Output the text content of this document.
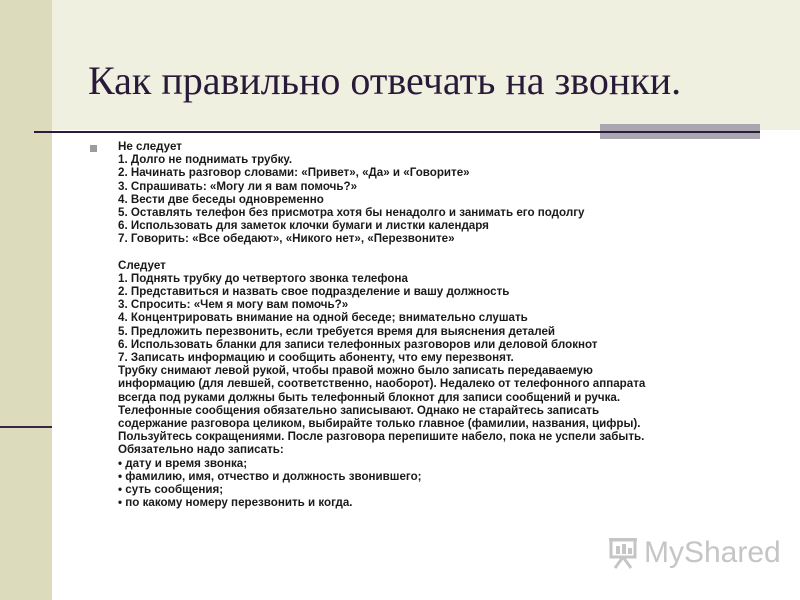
Как правильно отвечать на звонки.
Не следует
1. Долго не поднимать трубку.
2. Начинать разговор словами: «Привет», «Да» и «Говорите»
3. Спрашивать: «Могу ли я вам помочь?»
4. Вести две беседы одновременно
5. Оставлять телефон без присмотра хотя бы ненадолго и занимать его подолгу
6. Использовать для заметок клочки бумаги и листки календаря
7. Говорить: «Все обедают», «Никого нет», «Перезвоните»
Следует
1. Поднять трубку до четвертого звонка телефона
2. Представиться и назвать свое подразделение и вашу должность
3. Спросить: «Чем я могу вам помочь?»
4. Концентрировать внимание на одной беседе; внимательно слушать
5. Предложить перезвонить, если требуется время для выяснения деталей
6. Использовать бланки для записи телефонных разговоров или деловой блокнот
7. Записать информацию и сообщить абоненту, что ему перезвонят.
Трубку снимают левой рукой, чтобы правой можно было записать передаваемую
информацию (для левшей, соответственно, наоборот). Недалеко от телефонного аппарата
всегда под руками должны быть телефонный блокнот для записи сообщений и ручка.
Телефонные сообщения обязательно записывают. Однако не старайтесь записать
содержание разговора целиком, выбирайте только главное (фамилии, названия, цифры).
Пользуйтесь сокращениями. После разговора перепишите набело, пока не успели забыть.
Обязательно надо записать:
• дату и время звонка;
• фамилию, имя, отчество и должность звонившего;
• суть сообщения;
• по какому номеру перезвонить и когда.
MyShared
